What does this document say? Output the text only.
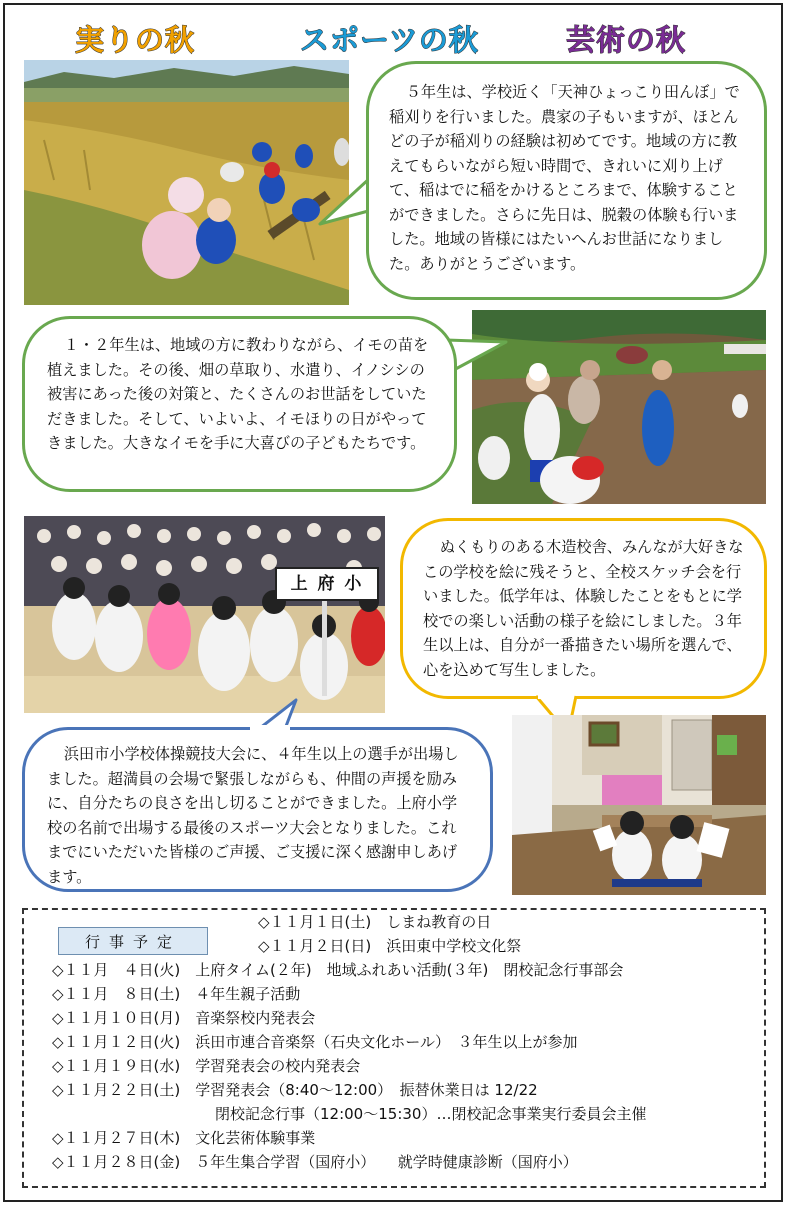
実りの秋	スポーツの秋	芸術の秋
５年生は、学校近く「天神ひょっこり田んぼ」で稲刈りを行いました。農家の子もいますが、ほとんどの子が稲刈りの経験は初めてです。地域の方に教えてもらいながら短い時間で、きれいに刈り上げて、稲はでに稲をかけるところまで、体験することができました。さらに先日は、脱穀の体験も行いました。地域の皆様にはたいへんお世話になりました。ありがとうございます。
１・２年生は、地域の方に教わりながら、イモの苗を植えました。その後、畑の草取り、水遣り、イノシシの被害にあった後の対策と、たくさんのお世話をしていただきました。そして、いよいよ、イモほりの日がやってきました。大きなイモを手に大喜びの子どもたちです。
上 府 小
ぬくもりのある木造校舎、みんなが大好きなこの学校を絵に残そうと、全校スケッチ会を行いました。低学年は、体験したことをもとに学校での楽しい活動の様子を絵にしました。３年生以上は、自分が一番描きたい場所を選んで、心を込めて写生しました。
浜田市小学校体操競技大会に、４年生以上の選手が出場しました。超満員の会場で緊張しながらも、仲間の声援を励みに、自分たちの良さを出し切ることができました。上府小学校の名前で出場する最後のスポーツ大会となりました。これまでにいただいた皆様のご声援、ご支援に深く感謝申しあげます。
行事予定
◇１１月１日(土)　しまね教育の日
◇１１月２日(日)　浜田東中学校文化祭
◇１１月　４日(火)　上府タイム(２年)　地域ふれあい活動(３年)　閉校記念行事部会
◇１１月　８日(土)　４年生親子活動
◇１１月１０日(月)　音楽祭校内発表会
◇１１月１２日(火)　浜田市連合音楽祭（石央文化ホール）　３年生以上が参加
◇１１月１９日(水)　学習発表会の校内発表会
◇１１月２２日(土)　学習発表会（8:40～12:00）　振替休業日は 12/22
閉校記念行事（12:00～15:30）…閉校記念事業実行委員会主催
◇１１月２７日(木)　文化芸術体験事業
◇１１月２８日(金)　５年生集合学習（国府小）　　就学時健康診断（国府小）
